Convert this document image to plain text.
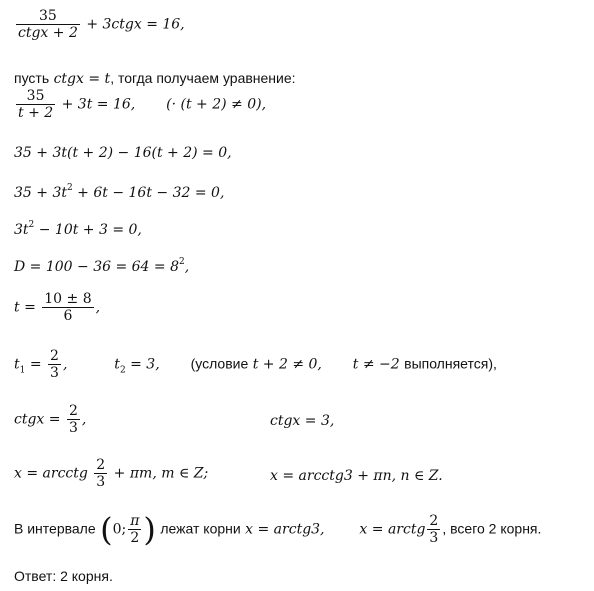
$\frac{35}{\text{ctgx + 2}}$ + 3ctgx = 16,
пусть ctgx = t, тогда получаем уравнение:
$\frac{35}{t + 2} + 3t = 16$, (· (t + 2) ≠ 0),
35 + 3t(t + 2) − 16(t + 2) = 0,
$35 + 3t^2 + 6t - 16t - 32 = 0$,
$3t^2 - 10t + 3 = 0$,
$D = 100 - 36 = 64 = 8^2$,
$t = \frac{10 \pm 8}{6}$ ,
$t_1 = \frac{2}{3}$ ,	$t_2 = 3$, (условие t + 2 ≠ 0, t ≠ −2 выполняется),
ctgx = $\frac{2}{3}$ ,	ctgx = 3,
x = arcctg $\frac{2}{3} + \pi m$, m ∈ Z;	x = arcctg3 + πn, n ∈ Z.
В интервале (0; $\frac{\pi}{2}$ ) лежат корни x = arctg3, x = arctg $\frac{2}{3}$ , всего 2 корня.
Ответ: 2 корня.
